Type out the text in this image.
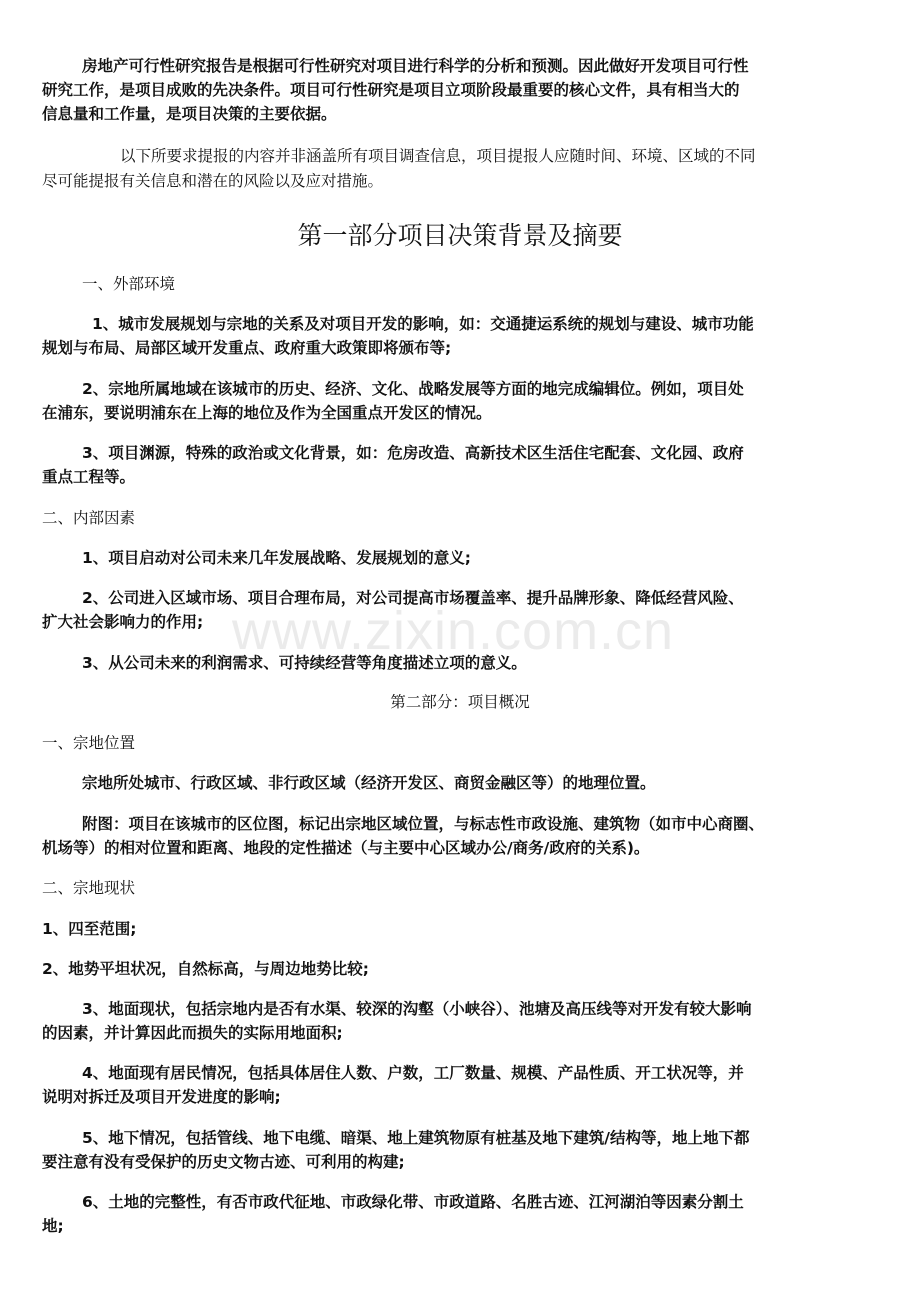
www.zixin.com.cn
房地产可行性研究报告是根据可行性研究对项目进行科学的分析和预测。因此做好开发项目可行性
研究工作，是项目成败的先决条件。项目可行性研究是项目立项阶段最重要的核心文件，具有相当大的
信息量和工作量，是项目决策的主要依据。
以下所要求提报的内容并非涵盖所有项目调查信息，项目提报人应随时间、环境、区域的不同
尽可能提报有关信息和潜在的风险以及应对措施。
第一部分项目决策背景及摘要
一、外部环境
1、城市发展规划与宗地的关系及对项目开发的影响，如：交通捷运系统的规划与建设、城市功能
规划与布局、局部区域开发重点、政府重大政策即将颁布等;
2、宗地所属地域在该城市的历史、经济、文化、战略发展等方面的地完成编辑位。例如，项目处
在浦东，要说明浦东在上海的地位及作为全国重点开发区的情况。
3、项目渊源，特殊的政治或文化背景，如：危房改造、高新技术区生活住宅配套、文化园、政府
重点工程等。
二、内部因素
1、项目启动对公司未来几年发展战略、发展规划的意义;
2、公司进入区域市场、项目合理布局，对公司提高市场覆盖率、提升品牌形象、降低经营风险、
扩大社会影响力的作用;
3、从公司未来的利润需求、可持续经营等角度描述立项的意义。
第二部分：项目概况
一、宗地位置
宗地所处城市、行政区域、非行政区域（经济开发区、商贸金融区等）的地理位置。
附图：项目在该城市的区位图，标记出宗地区域位置，与标志性市政设施、建筑物（如市中心商圈、
机场等）的相对位置和距离、地段的定性描述（与主要中心区域办公/商务/政府的关系)。
二、宗地现状
1、四至范围;
2、地势平坦状况，自然标高，与周边地势比较;
3、地面现状，包括宗地内是否有水渠、较深的沟壑（小峡谷）、池塘及高压线等对开发有较大影响
的因素，并计算因此而损失的实际用地面积;
4、地面现有居民情况，包括具体居住人数、户数，工厂数量、规模、产品性质、开工状况等，并
说明对拆迁及项目开发进度的影响;
5、地下情况，包括管线、地下电缆、暗渠、地上建筑物原有桩基及地下建筑/结构等，地上地下都
要注意有没有受保护的历史文物古迹、可利用的构建;
6、土地的完整性，有否市政代征地、市政绿化带、市政道路、名胜古迹、江河湖泊等因素分割土
地;
